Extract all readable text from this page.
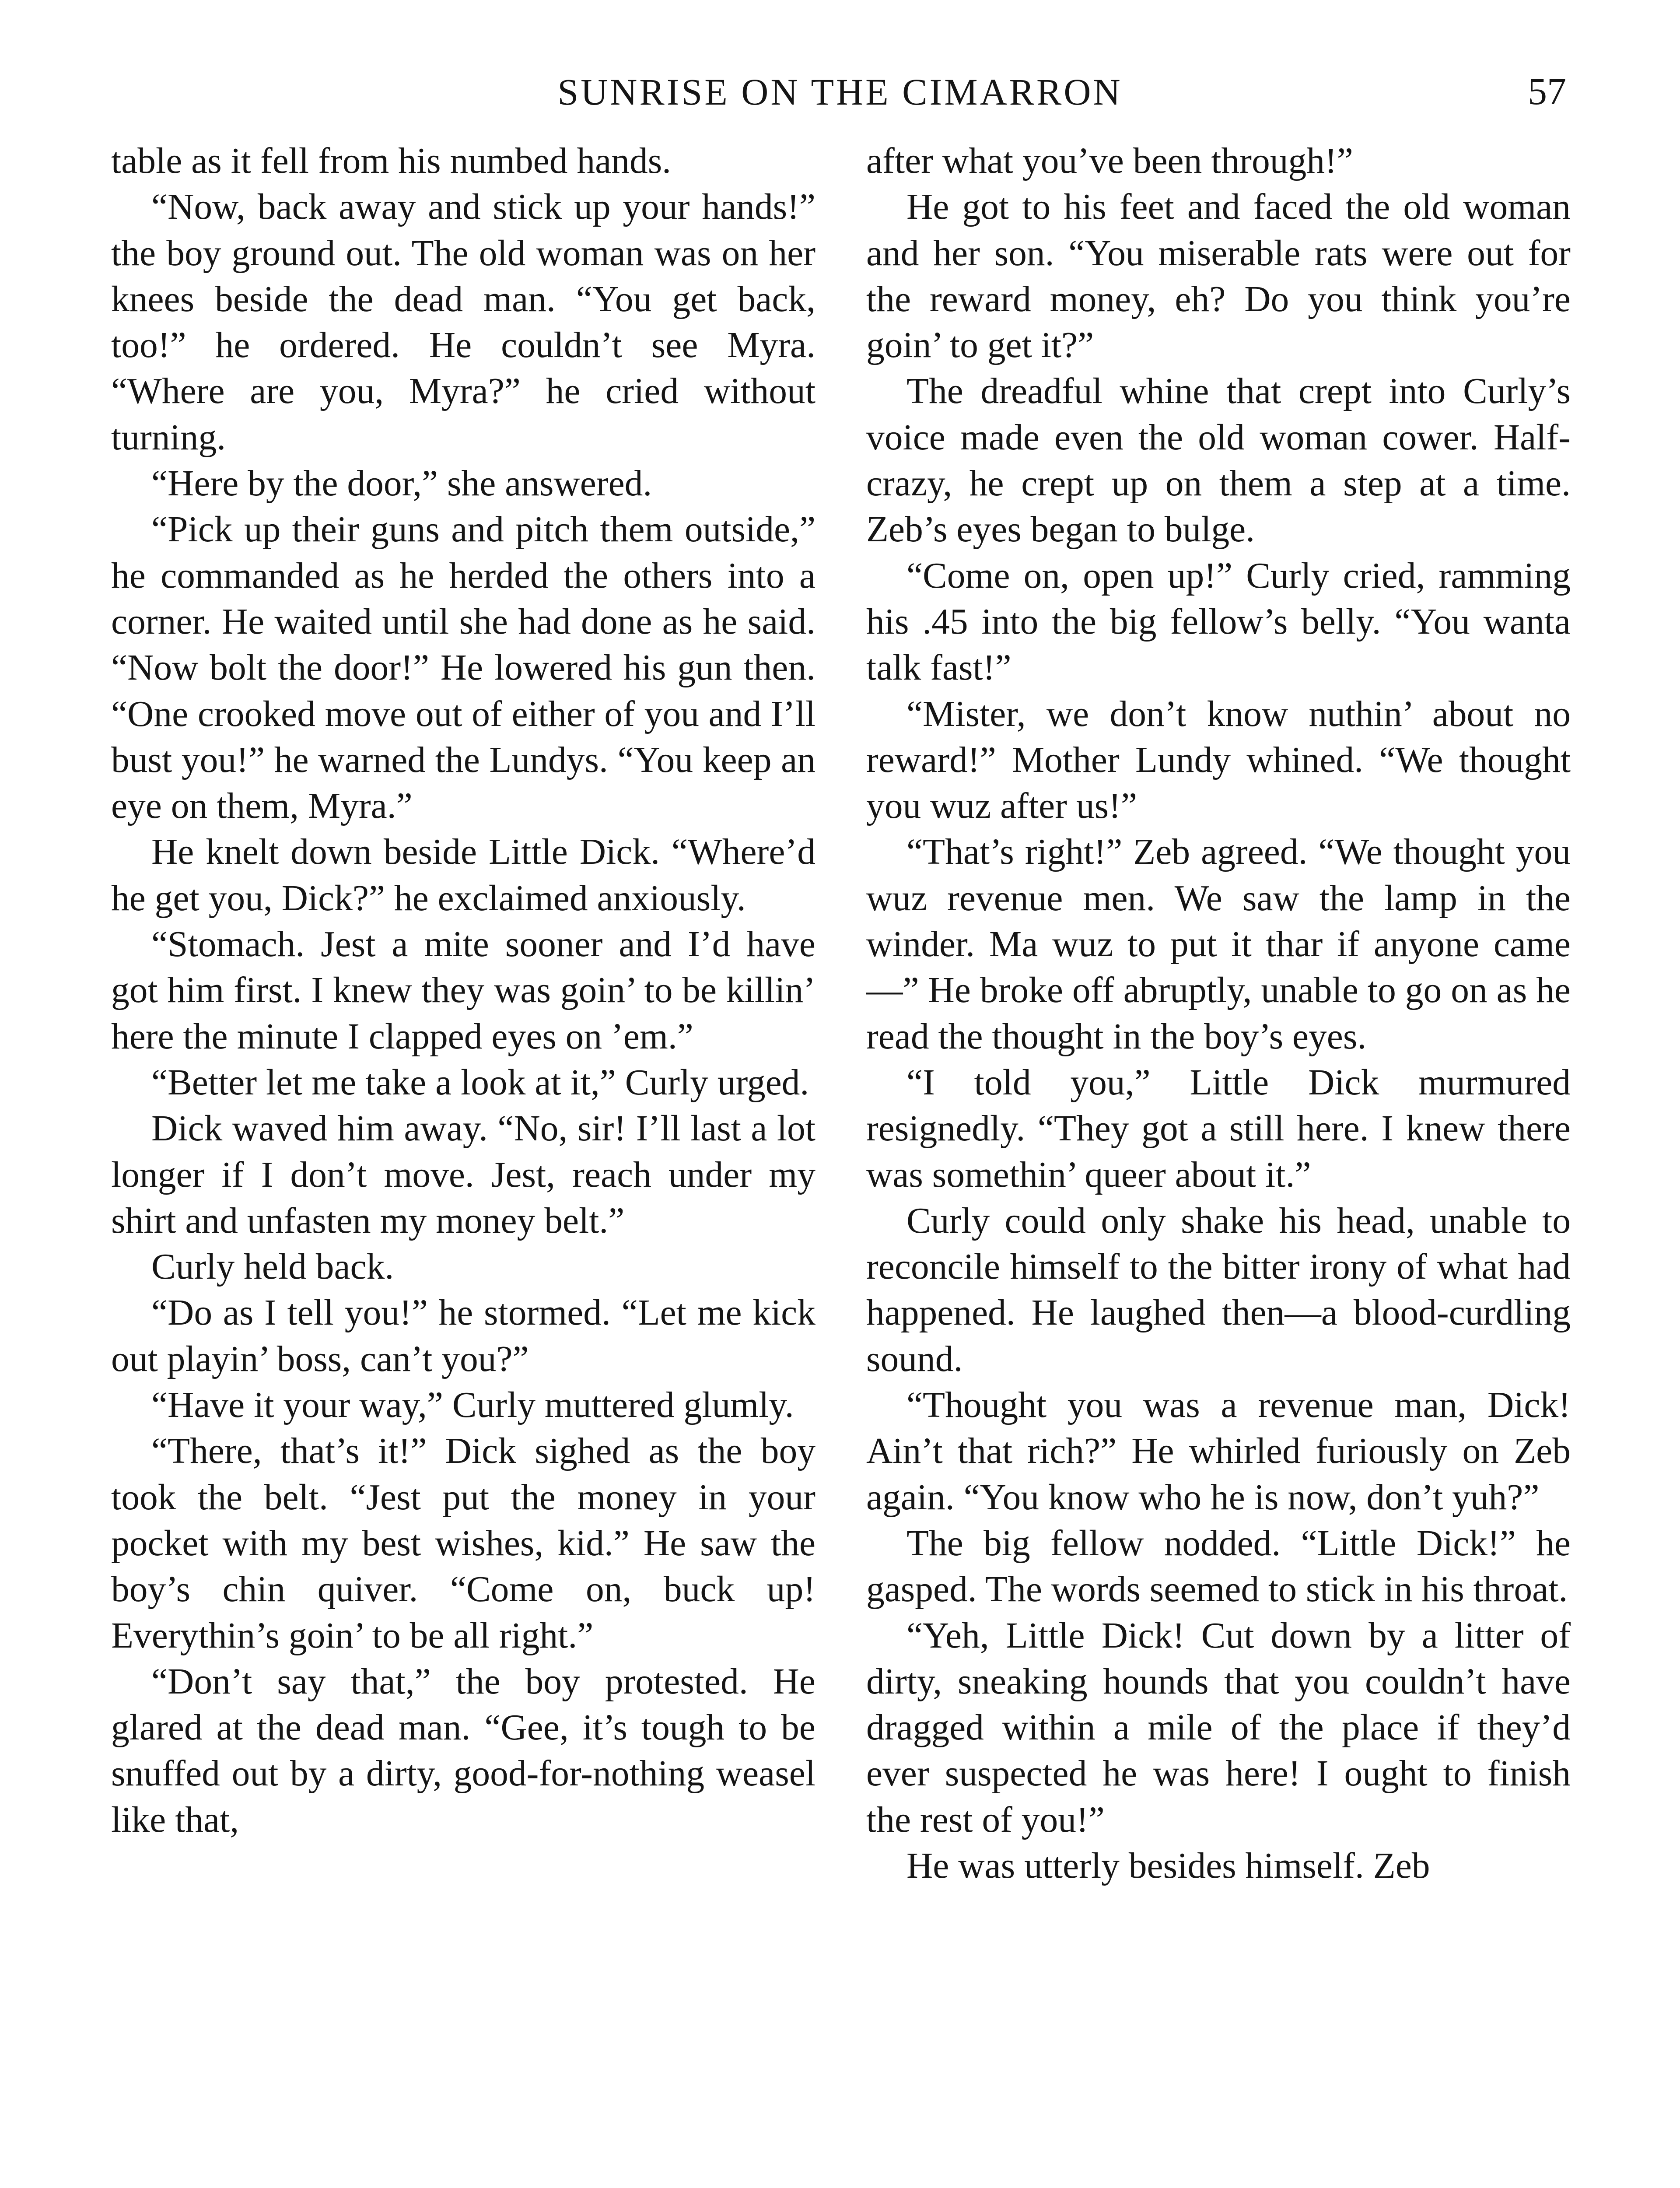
SUNRISE ON THE CIMARRON	57

table as it fell from his numbed hands.

“Now, back away and stick up your hands!” the boy ground out. The old woman was on her knees beside the dead man. “You get back, too!” he ordered. He couldn’t see Myra. “Where are you, Myra?” he cried without turning.

“Here by the door,” she answered.

“Pick up their guns and pitch them outside,” he commanded as he herded the others into a corner. He waited until she had done as he said. “Now bolt the door!” He lowered his gun then. “One crooked move out of either of you and I’ll bust you!” he warned the Lundys. “You keep an eye on them, Myra.”

He knelt down beside Little Dick. “Where’d he get you, Dick?” he exclaimed anxiously.

“Stomach. Jest a mite sooner and I’d have got him first. I knew they was goin’ to be killin’ here the minute I clapped eyes on ’em.”

“Better let me take a look at it,” Curly urged.

Dick waved him away. “No, sir! I’ll last a lot longer if I don’t move. Jest, reach under my shirt and unfasten my money belt.”

Curly held back.

“Do as I tell you!” he stormed. “Let me kick out playin’ boss, can’t you?”

“Have it your way,” Curly muttered glumly.

“There, that’s it!” Dick sighed as the boy took the belt. “Jest put the money in your pocket with my best wishes, kid.” He saw the boy’s chin quiver. “Come on, buck up! Everythin’s goin’ to be all right.”

“Don’t say that,” the boy protested. He glared at the dead man. “Gee, it’s tough to be snuffed out by a dirty, good-for-nothing weasel like that,

after what you’ve been through!”

He got to his feet and faced the old woman and her son. “You miserable rats were out for the reward money, eh? Do you think you’re goin’ to get it?”

The dreadful whine that crept into Curly’s voice made even the old woman cower. Half-crazy, he crept up on them a step at a time. Zeb’s eyes began to bulge.

“Come on, open up!” Curly cried, ramming his .45 into the big fellow’s belly. “You wanta talk fast!”

“Mister, we don’t know nuthin’ about no reward!” Mother Lundy whined. “We thought you wuz after us!”

“That’s right!” Zeb agreed. “We thought you wuz revenue men. We saw the lamp in the winder. Ma wuz to put it thar if anyone came—” He broke off abruptly, unable to go on as he read the thought in the boy’s eyes.

“I told you,” Little Dick murmured resignedly. “They got a still here. I knew there was somethin’ queer about it.”

Curly could only shake his head, unable to reconcile himself to the bitter irony of what had happened. He laughed then—a blood-curdling sound.

“Thought you was a revenue man, Dick! Ain’t that rich?” He whirled furiously on Zeb again. “You know who he is now, don’t yuh?”

The big fellow nodded. “Little Dick!” he gasped. The words seemed to stick in his throat.

“Yeh, Little Dick! Cut down by a litter of dirty, sneaking hounds that you couldn’t have dragged within a mile of the place if they’d ever suspected he was here! I ought to finish the rest of you!”

He was utterly besides himself. Zeb
